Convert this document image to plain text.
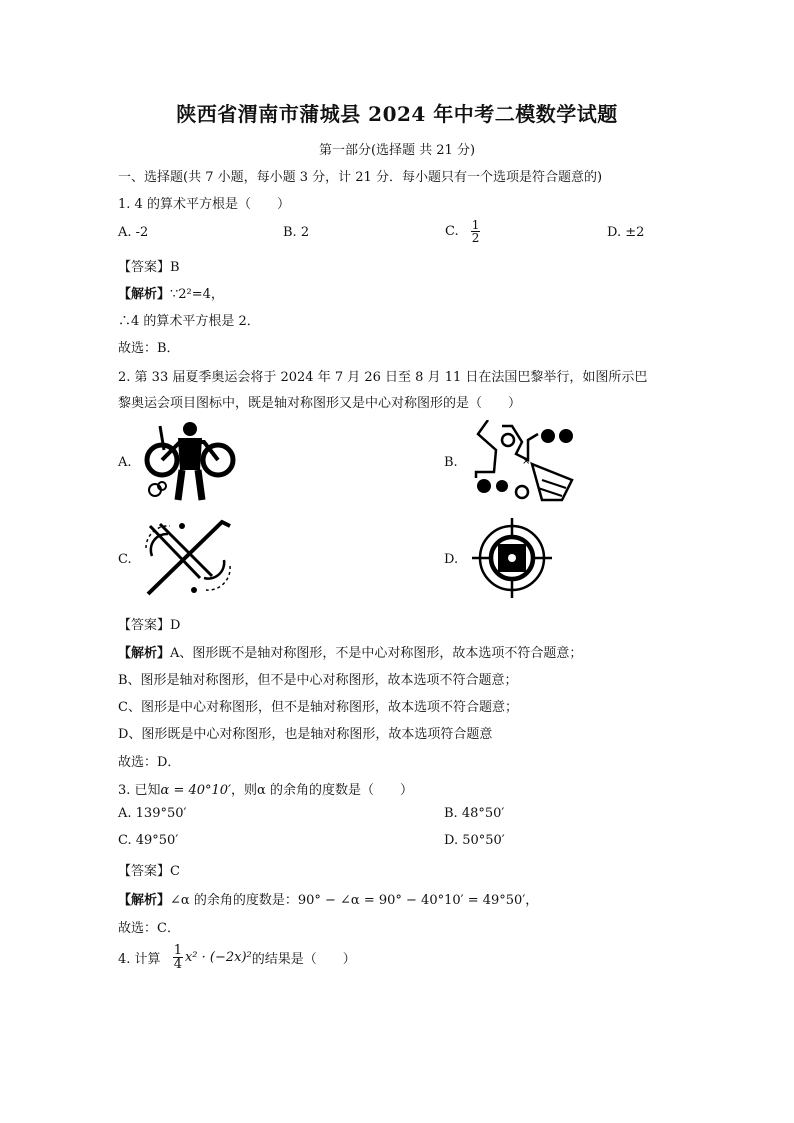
陕西省渭南市蒲城县 2024 年中考二模数学试题
第一部分(选择题 共 21 分)
一、选择题(共 7 小题，每小题 3 分，计 21 分．每小题只有一个选项是符合题意的)
1. 4 的算术平方根是（　　）
A. -2	B. 2	C. $\frac{1}{2}$	D. ±2
【答案】B
【解析】∵2²=4，
∴4 的算术平方根是 2．
故选：B．
2. 第 33 届夏季奥运会将于 2024 年 7 月 26 日至 8 月 11 日在法国巴黎举行，如图所示巴
黎奥运会项目图标中，既是轴对称图形又是中心对称图形的是（　　）
A.	B.
C.	D.
×
【答案】D
【解析】A、图形既不是轴对称图形，不是中心对称图形，故本选项不符合题意；
B、图形是轴对称图形，但不是中心对称图形，故本选项不符合题意；
C、图形是中心对称图形，但不是轴对称图形，故本选项不符合题意；
D、图形既是中心对称图形，也是轴对称图形，故本选项符合题意
故选：D．
3. 已知α = 40°10′，则α 的余角的度数是（　　）
A. 139°50′	B. 48°50′
C. 49°50′	D. 50°50′
【答案】C
【解析】∠α 的余角的度数是：90° − ∠α = 90° − 40°10′ = 49°50′，
故选：C．
4. 计算 $\frac{1}{4} x^2 \cdot (-2x)^2$的结果是（　　）
